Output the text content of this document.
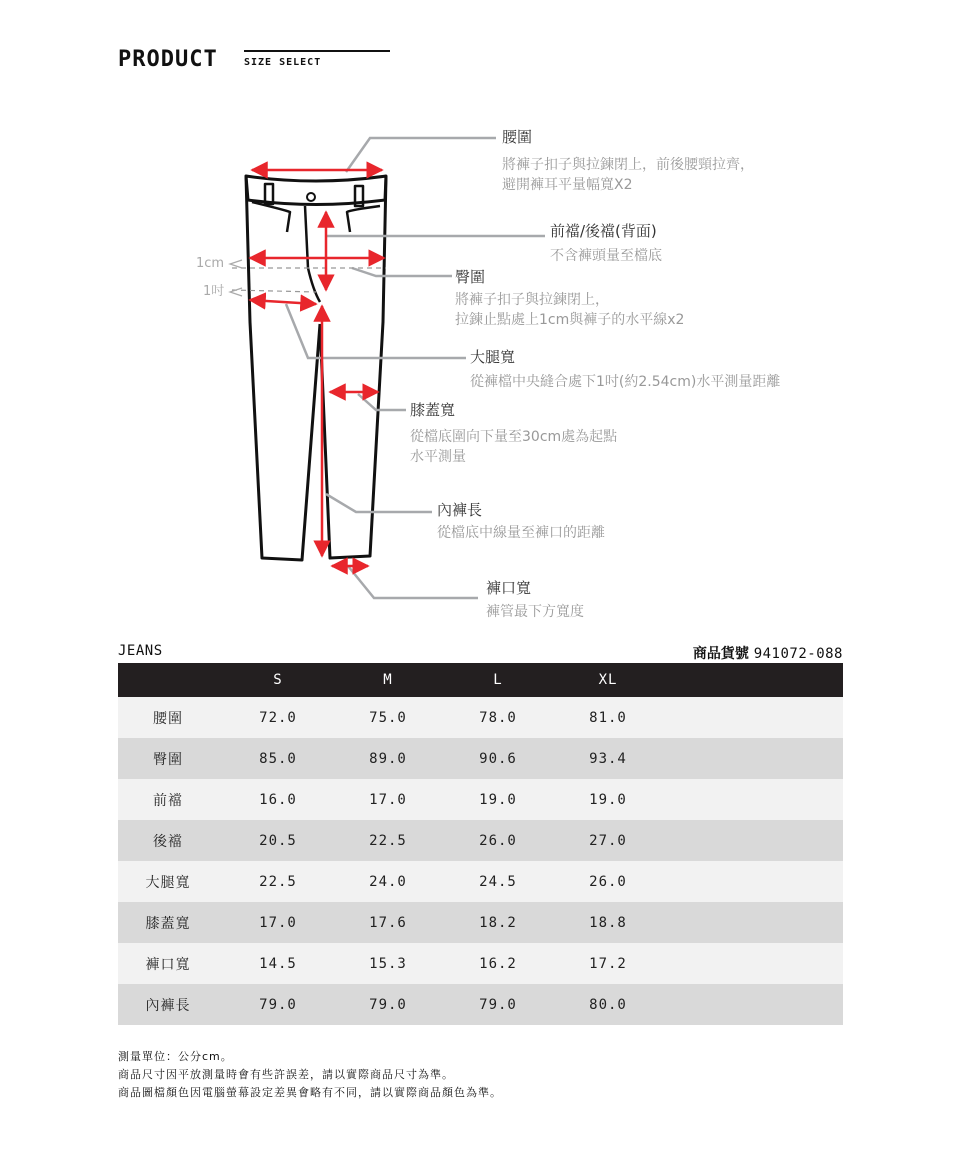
PRODUCT	SIZE SELECT
1cm
1吋
腰圍
將褲子扣子與拉鍊閉上，前後腰頸拉齊，
避開褲耳平量幅寬X2
前襠/後襠(背面)
不含褲頭量至檔底
臀圍
將褲子扣子與拉鍊閉上，
拉鍊止點處上1cm與褲子的水平線x2
大腿寬
從褲檔中央縫合處下1吋(約2.54cm)水平測量距離
膝蓋寬
從檔底圍向下量至30cm處為起點
水平測量
內褲長
從檔底中線量至褲口的距離
褲口寬
褲管最下方寬度
JEANS	商品貨號 941072-088
S	M	L	XL
腰圍	72.0	75.0	78.0	81.0
臀圍	85.0	89.0	90.6	93.4
前襠	16.0	17.0	19.0	19.0
後襠	20.5	22.5	26.0	27.0
大腿寬	22.5	24.0	24.5	26.0
膝蓋寬	17.0	17.6	18.2	18.8
褲口寬	14.5	15.3	16.2	17.2
內褲長	79.0	79.0	79.0	80.0

測量單位：公分cm。

商品尺寸因平放測量時會有些許誤差，請以實際商品尺寸為準。

商品圖檔顏色因電腦螢幕設定差異會略有不同，請以實際商品顏色為準。
